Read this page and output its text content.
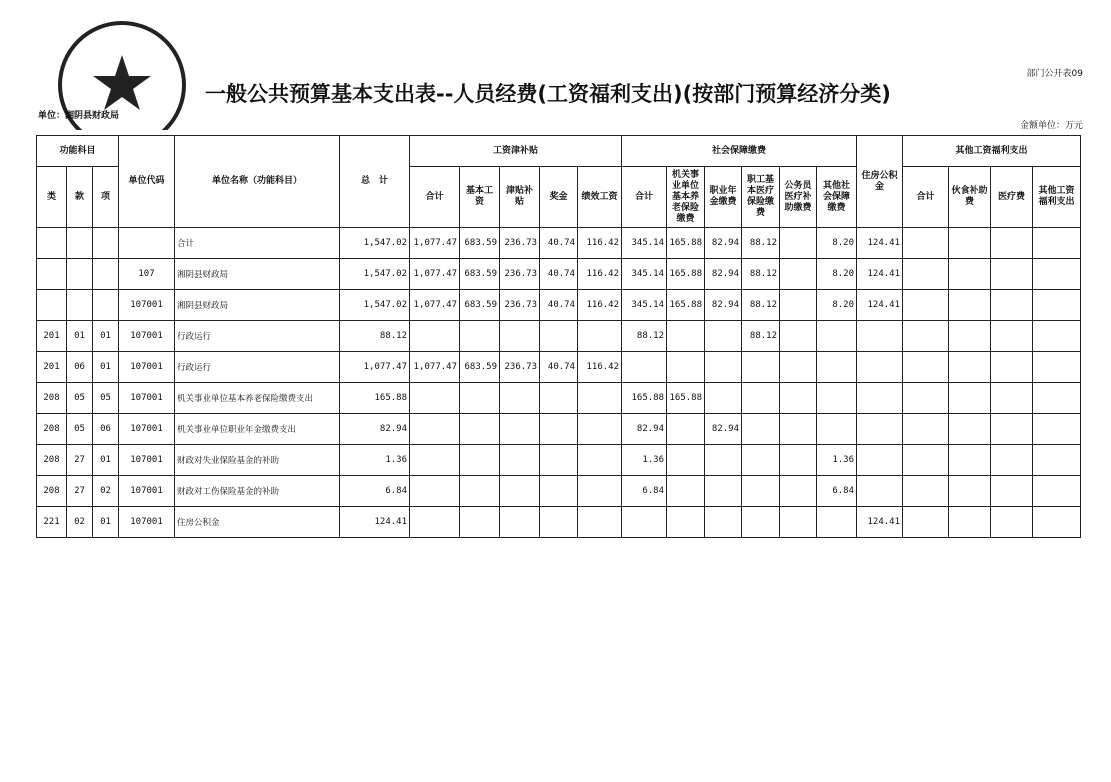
部门公开表09
一般公共预算基本支出表--人员经费(工资福利支出)(按部门预算经济分类)
单位：湘阴县财政局
金额单位：万元
功能科目			单位代码	单位名称（功能科目）	总　计	工资津补贴					社会保障缴费						住房公积金	其他工资福利支出			
类	款	项				合计	基本工资	津贴补贴	奖金	绩效工资	合计	机关事业单位基本养老保险缴费	职业年金缴费	职工基本医疗保险缴费	公务员医疗补助缴费	其他社会保障缴费		合计	伙食补助费	医疗费	其他工资福利支出

				合计	1,547.02	1,077.47	683.59	236.73	40.74	116.42	345.14	165.88	82.94	88.12		8.20	124.41				
			107	湘阴县财政局	1,547.02	1,077.47	683.59	236.73	40.74	116.42	345.14	165.88	82.94	88.12		8.20	124.41				
			107001	湘阴县财政局	1,547.02	1,077.47	683.59	236.73	40.74	116.42	345.14	165.88	82.94	88.12		8.20	124.41				
201	01	01	107001	行政运行	88.12						88.12			88.12							
201	06	01	107001	行政运行	1,077.47	1,077.47	683.59	236.73	40.74	116.42											
208	05	05	107001	机关事业单位基本养老保险缴费支出	165.88						165.88	165.88									
208	05	06	107001	机关事业单位职业年金缴费支出	82.94						82.94		82.94								
208	27	01	107001	财政对失业保险基金的补助	1.36						1.36					1.36					
208	27	02	107001	财政对工伤保险基金的补助	6.84						6.84					6.84					
221	02	01	107001	住房公积金	124.41												124.41				
